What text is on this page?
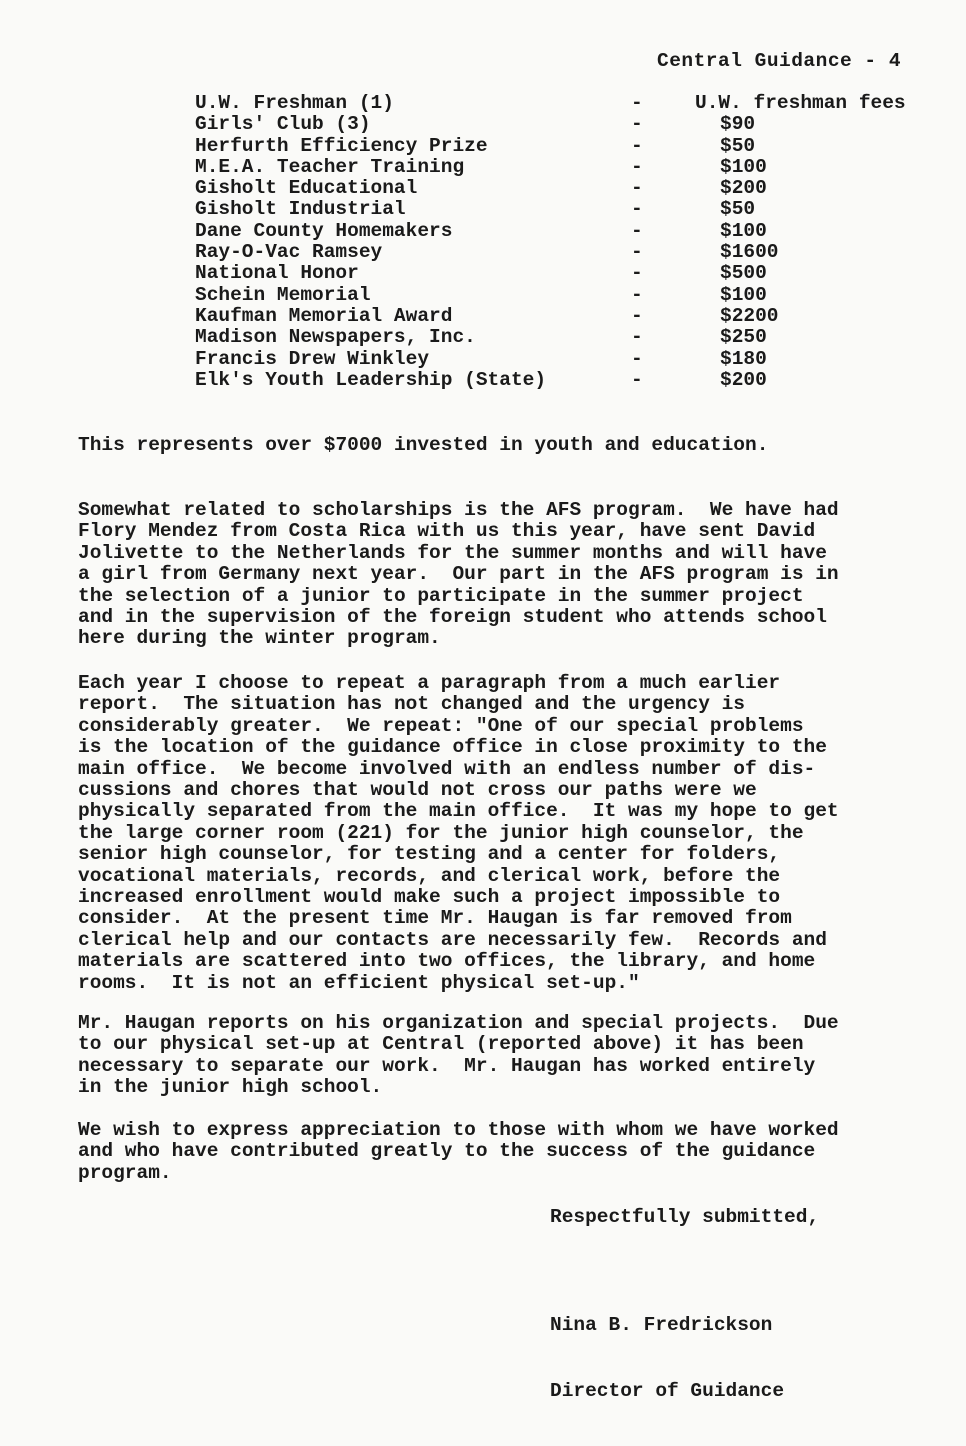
Central Guidance - 4
U.W. Freshman (1)	-	U.W. freshman fees
Girls' Club (3)	-	$90
Herfurth Efficiency Prize	-	$50
M.E.A. Teacher Training	-	$100
Gisholt Educational	-	$200
Gisholt Industrial	-	$50
Dane County Homemakers	-	$100
Ray-O-Vac Ramsey	-	$1600
National Honor	-	$500
Schein Memorial	-	$100
Kaufman Memorial Award	-	$2200
Madison Newspapers, Inc.	-	$250
Francis Drew Winkley	-	$180
Elk's Youth Leadership (State)	-	$200
This represents over $7000 invested in youth and education.
Somewhat related to scholarships is the AFS program.  We have had
Flory Mendez from Costa Rica with us this year, have sent David
Jolivette to the Netherlands for the summer months and will have
a girl from Germany next year.  Our part in the AFS program is in
the selection of a junior to participate in the summer project
and in the supervision of the foreign student who attends school
here during the winter program.
Each year I choose to repeat a paragraph from a much earlier
report.  The situation has not changed and the urgency is
considerably greater.  We repeat: "One of our special problems
is the location of the guidance office in close proximity to the
main office.  We become involved with an endless number of dis-
cussions and chores that would not cross our paths were we
physically separated from the main office.  It was my hope to get
the large corner room (221) for the junior high counselor, the
senior high counselor, for testing and a center for folders,
vocational materials, records, and clerical work, before the
increased enrollment would make such a project impossible to
consider.  At the present time Mr. Haugan is far removed from
clerical help and our contacts are necessarily few.  Records and
materials are scattered into two offices, the library, and home
rooms.  It is not an efficient physical set-up."
Mr. Haugan reports on his organization and special projects.  Due
to our physical set-up at Central (reported above) it has been
necessary to separate our work.  Mr. Haugan has worked entirely
in the junior high school.
We wish to express appreciation to those with whom we have worked
and who have contributed greatly to the success of the guidance
program.
Respectfully submitted,

Nina B. Fredrickson

Director of Guidance
